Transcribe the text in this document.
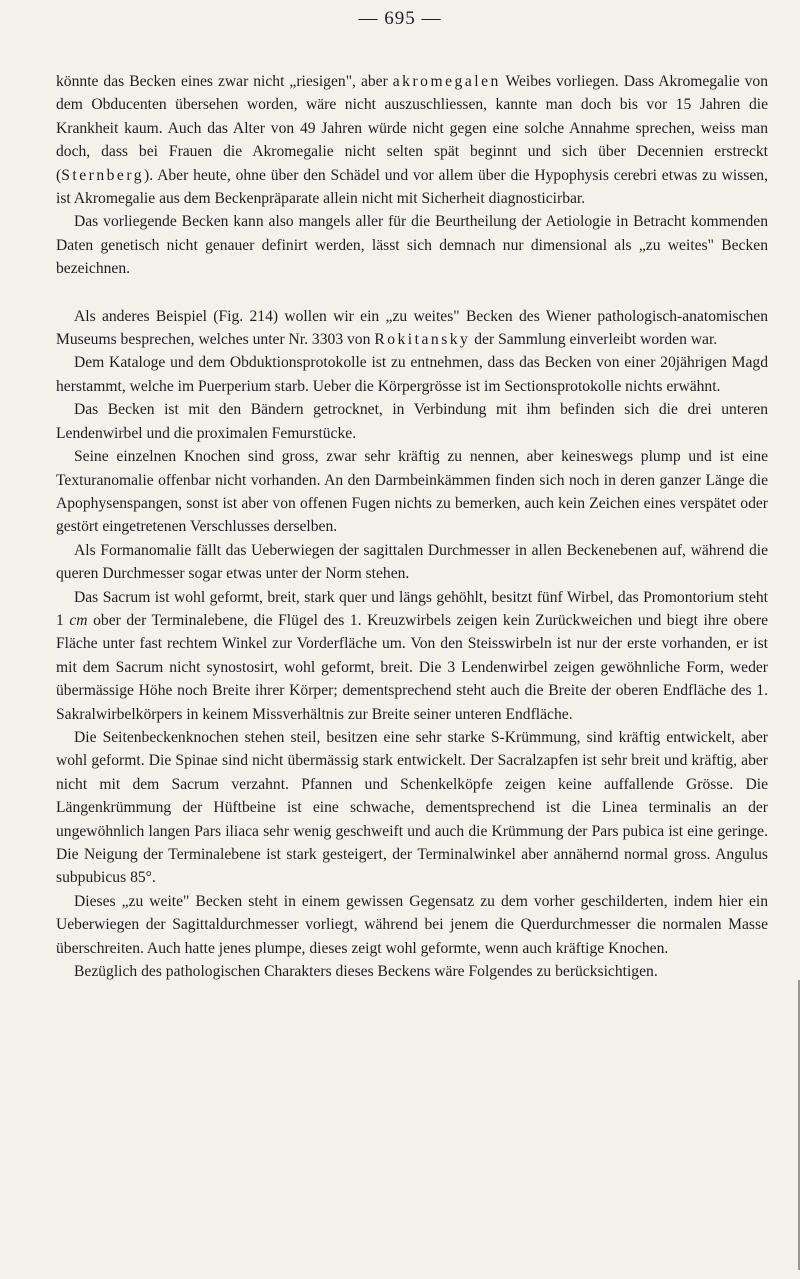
— 695 —

könnte das Becken eines zwar nicht „riesigen", aber akromegalen Weibes vorliegen. Dass Akromegalie von dem Obducenten übersehen worden, wäre nicht auszuschliessen, kannte man doch bis vor 15 Jahren die Krankheit kaum. Auch das Alter von 49 Jahren würde nicht gegen eine solche Annahme sprechen, weiss man doch, dass bei Frauen die Akromegalie nicht selten spät beginnt und sich über Decennien erstreckt (Sternberg). Aber heute, ohne über den Schädel und vor allem über die Hypophysis cerebri etwas zu wissen, ist Akromegalie aus dem Beckenpräparate allein nicht mit Sicherheit diagnosticirbar.

Das vorliegende Becken kann also mangels aller für die Beurtheilung der Aetiologie in Betracht kommenden Daten genetisch nicht genauer definirt werden, lässt sich demnach nur dimensional als „zu weites" Becken bezeichnen.

Als anderes Beispiel (Fig. 214) wollen wir ein „zu weites" Becken des Wiener pathologisch-anatomischen Museums besprechen, welches unter Nr. 3303 von Rokitansky der Sammlung einverleibt worden war.

Dem Kataloge und dem Obduktionsprotokolle ist zu entnehmen, dass das Becken von einer 20jährigen Magd herstammt, welche im Puerperium starb. Ueber die Körpergrösse ist im Sectionsprotokolle nichts erwähnt.

Das Becken ist mit den Bändern getrocknet, in Verbindung mit ihm befinden sich die drei unteren Lendenwirbel und die proximalen Femurstücke.

Seine einzelnen Knochen sind gross, zwar sehr kräftig zu nennen, aber keineswegs plump und ist eine Texturanomalie offenbar nicht vorhanden. An den Darmbeinkämmen finden sich noch in deren ganzer Länge die Apophysenspangen, sonst ist aber von offenen Fugen nichts zu bemerken, auch kein Zeichen eines verspätet oder gestört eingetretenen Verschlusses derselben.

Als Formanomalie fällt das Ueberwiegen der sagittalen Durchmesser in allen Beckenebenen auf, während die queren Durchmesser sogar etwas unter der Norm stehen.

Das Sacrum ist wohl geformt, breit, stark quer und längs gehöhlt, besitzt fünf Wirbel, das Promontorium steht 1 cm ober der Terminalebene, die Flügel des 1. Kreuzwirbels zeigen kein Zurückweichen und biegt ihre obere Fläche unter fast rechtem Winkel zur Vorderfläche um. Von den Steisswirbeln ist nur der erste vorhanden, er ist mit dem Sacrum nicht synostosirt, wohl geformt, breit. Die 3 Lendenwirbel zeigen gewöhnliche Form, weder übermässige Höhe noch Breite ihrer Körper; dementsprechend steht auch die Breite der oberen Endfläche des 1. Sakralwirbelkörpers in keinem Missverhältnis zur Breite seiner unteren Endfläche.

Die Seitenbeckenknochen stehen steil, besitzen eine sehr starke S-Krümmung, sind kräftig entwickelt, aber wohl geformt. Die Spinae sind nicht übermässig stark entwickelt. Der Sacralzapfen ist sehr breit und kräftig, aber nicht mit dem Sacrum verzahnt. Pfannen und Schenkelköpfe zeigen keine auffallende Grösse. Die Längenkrümmung der Hüftbeine ist eine schwache, dementsprechend ist die Linea terminalis an der ungewöhnlich langen Pars iliaca sehr wenig geschweift und auch die Krümmung der Pars pubica ist eine geringe. Die Neigung der Terminalebene ist stark gesteigert, der Terminalwinkel aber annähernd normal gross. Angulus subpubicus 85°.

Dieses „zu weite" Becken steht in einem gewissen Gegensatz zu dem vorher geschilderten, indem hier ein Ueberwiegen der Sagittaldurchmesser vorliegt, während bei jenem die Querdurchmesser die normalen Masse überschreiten. Auch hatte jenes plumpe, dieses zeigt wohl geformte, wenn auch kräftige Knochen.

Bezüglich des pathologischen Charakters dieses Beckens wäre Folgendes zu berücksichtigen.
